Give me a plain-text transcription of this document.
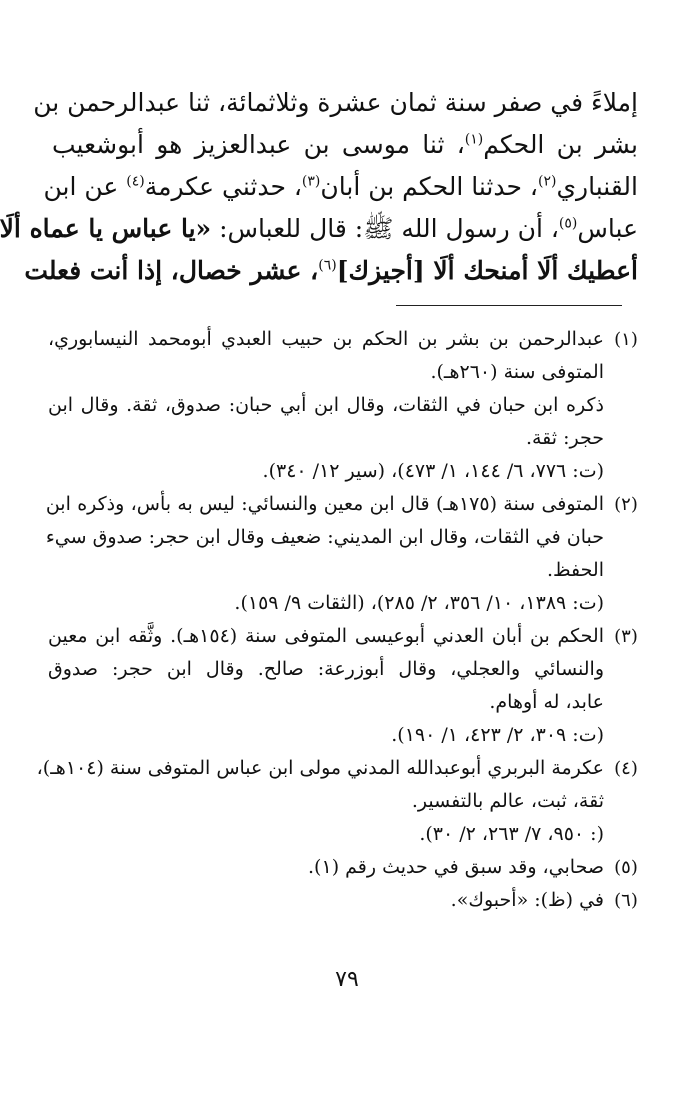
إملاءً في صفر سنة ثمان عشرة وثلاثمائة، ثنا عبدالرحمن بن
بشر بن الحكم$^{(١)}$، ثنا موسى بن عبدالعزيز هو أبوشعيب
القنباري$^{(٢)}$، حدثنا الحكم بن أبان$^{(٣)}$، حدثني عكرمة$^{(٤)}$ عن ابن
عباس$^{(٥)}$، أن رسول الله ﷺ: قال للعباس: «يا عباس يا عماه ألَا
أعطيك ألَا أمنحك ألَا [أجيزك]$^{(٦)}$، عشر خصال، إذا أنت فعلت
(١)
عبدالرحمن بن بشر بن الحكم بن حبيب العبدي أبومحمد النيسابوري،
المتوفى سنة (٢٦٠هـ).
ذكره ابن حبان في الثقات، وقال ابن أبي حبان: صدوق، ثقة. وقال ابن
حجر: ثقة.
(ت: ٧٧٦، ٦/ ١٤٤، ١/ ٤٧٣)، (سير ١٢/ ٣٤٠).
(٢)
المتوفى سنة (١٧٥هـ) قال ابن معين والنسائي: ليس به بأس، وذكره ابن
حبان في الثقات، وقال ابن المديني: ضعيف وقال ابن حجر: صدوق سيء
الحفظ.
(ت: ١٣٨٩، ١٠/ ٣٥٦، ٢/ ٢٨٥)، (الثقات ٩/ ١٥٩).
(٣)
الحكم بن أبان العدني أبوعيسى المتوفى سنة (١٥٤هـ). وثَّقه ابن معين
والنسائي والعجلي، وقال أبوزرعة: صالح. وقال ابن حجر: صدوق
عابد، له أوهام.
(ت: ٣٠٩، ٢/ ٤٢٣، ١/ ١٩٠).
(٤)
عكرمة البربري أبوعبدالله المدني مولى ابن عباس المتوفى سنة (١٠٤هـ)،
ثقة، ثبت، عالم بالتفسير.
(: ٩٥٠، ٧/ ٢٦٣، ٢/ ٣٠).
(٥)
صحابي، وقد سبق في حديث رقم (١).
(٦)
في (ظ): «أحبوك».
٧٩
